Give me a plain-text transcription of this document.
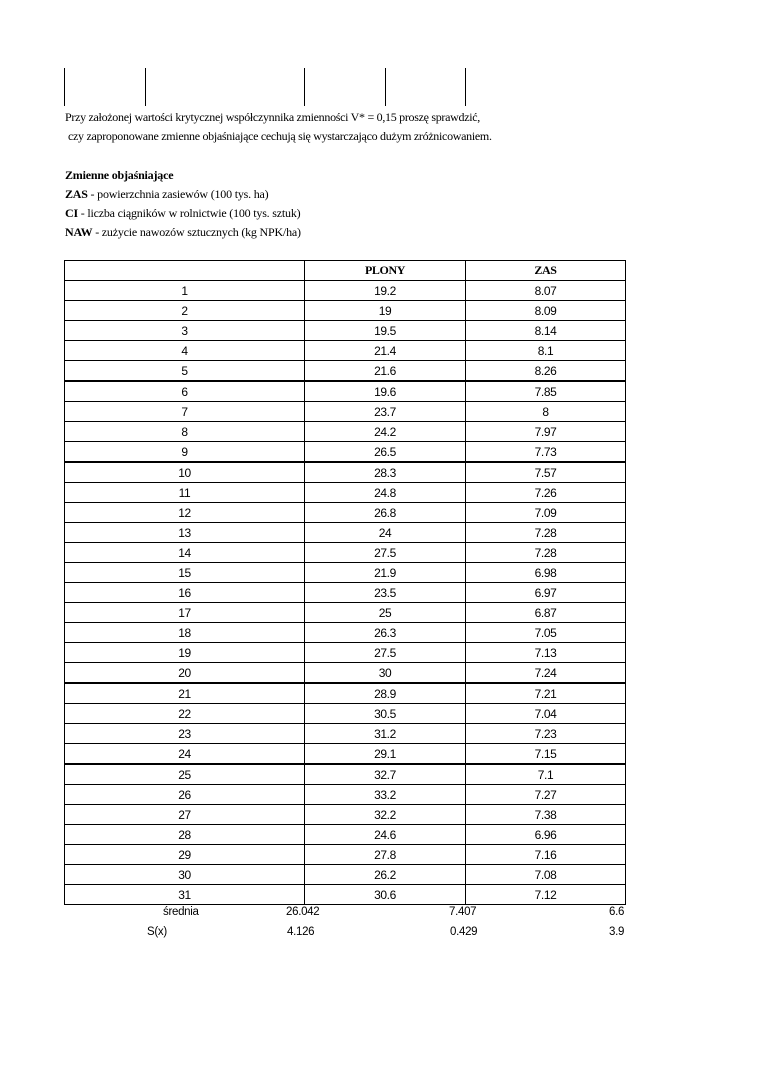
Przy założonej wartości krytycznej współczynnika zmienności V* = 0,15 proszę sprawdzić,
czy zaproponowane zmienne objaśniające cechują się wystarczająco dużym zróżnicowaniem.
Zmienne objaśniające
ZAS - powierzchnia zasiewów (100 tys. ha)
CI - liczba ciągników w rolnictwie (100 tys. sztuk)
NAW - zużycie nawozów sztucznych (kg NPK/ha)
	PLONY	ZAS
1	19.2	8.07
2	19	8.09
3	19.5	8.14
4	21.4	8.1
5	21.6	8.26
6	19.6	7.85
7	23.7	8
8	24.2	7.97
9	26.5	7.73
10	28.3	7.57
11	24.8	7.26
12	26.8	7.09
13	24	7.28
14	27.5	7.28
15	21.9	6.98
16	23.5	6.97
17	25	6.87
18	26.3	7.05
19	27.5	7.13
20	30	7.24
21	28.9	7.21
22	30.5	7.04
23	31.2	7.23
24	29.1	7.15
25	32.7	7.1
26	33.2	7.27
27	32.2	7.38
28	24.6	6.96
29	27.8	7.16
30	26.2	7.08
31	30.6	7.12
średnia	26.042	7.407	6.6
S(x)	4.126	0.429	3.9
